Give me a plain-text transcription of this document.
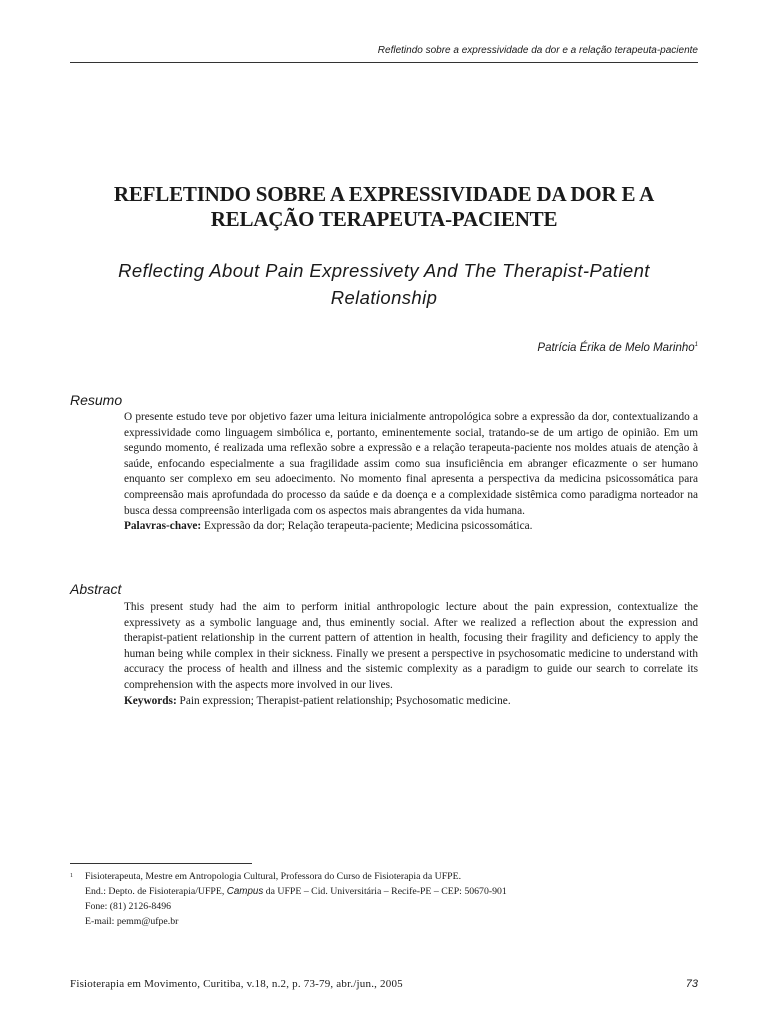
Refletindo sobre a expressividade da dor e a relação terapeuta-paciente
REFLETINDO SOBRE A EXPRESSIVIDADE DA DOR E A RELAÇÃO TERAPEUTA-PACIENTE
Reflecting About Pain Expressivety And The Therapist-Patient Relationship
Patrícia Érika de Melo Marinho$^1$
Resumo

O presente estudo teve por objetivo fazer uma leitura inicialmente antropológica sobre a expressão da dor, contextualizando a expressividade como linguagem simbólica e, portanto, eminentemente social, tratando-se de um artigo de opinião. Em um segundo momento, é realizada uma reflexão sobre a expressão e a relação terapeuta-paciente nos moldes atuais de atenção à saúde, enfocando especialmente a sua fragilidade assim como sua insuficiência em abranger eficazmente o ser humano enquanto ser complexo em seu adoecimento. No momento final apresenta a perspectiva da medicina psicossomática para compreensão mais aprofundada do processo da saúde e da doença e a complexidade sistêmica como paradigma norteador na busca dessa compreensão interligada com os aspectos mais abrangentes da vida humana.

Palavras-chave: Expressão da dor; Relação terapeuta-paciente; Medicina psicossomática.

Abstract

This present study had the aim to perform initial anthropologic lecture about the pain expression, contextualize the expressivety as a symbolic language and, thus eminently social. After we realized a reflection about the expression and therapist-patient relationship in the current pattern of attention in health, focusing their fragility and deficiency to apply the human being while complex in their sickness. Finally we present a perspective in psychosomatic medicine to understand with accuracy the process of health and illness and the sistemic complexity as a paradigm to guide our search to correlate its comprehension with the aspects more involved in our lives.

Keywords: Pain expression; Therapist-patient relationship; Psychosomatic medicine.

1 Fisioterapeuta, Mestre em Antropologia Cultural, Professora do Curso de Fisioterapia da UFPE.
End.: Depto. de Fisioterapia/UFPE, Campus da UFPE – Cid. Universitária – Recife-PE – CEP: 50670-901
Fone: (81) 2126-8496
E-mail: pemm@ufpe.br
Fisioterapia em Movimento, Curitiba, v.18, n.2, p. 73-79, abr./jun., 2005	73
